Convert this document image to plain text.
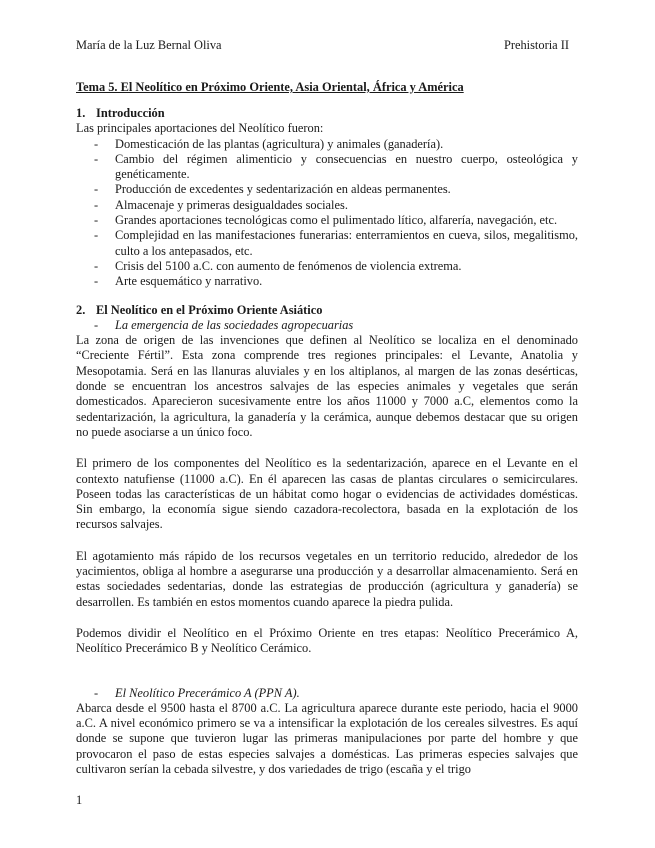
María de la Luz Bernal Oliva	Prehistoria II
Tema 5. El Neolítico en Próximo Oriente, Asia Oriental, África y América
1. Introducción

Las principales aportaciones del Neolítico fueron:

- Domesticación de las plantas (agricultura) y animales (ganadería).
- Cambio del régimen alimenticio y consecuencias en nuestro cuerpo, osteológica y genéticamente.
- Producción de excedentes y sedentarización en aldeas permanentes.
- Almacenaje y primeras desigualdades sociales.
- Grandes aportaciones tecnológicas como el pulimentado lítico, alfarería, navegación, etc.
- Complejidad en las manifestaciones funerarias: enterramientos en cueva, silos, megalitismo, culto a los antepasados, etc.
- Crisis del 5100 a.C. con aumento de fenómenos de violencia extrema.
- Arte esquemático y narrativo.
2. El Neolítico en el Próximo Oriente Asiático
- La emergencia de las sociedades agropecuarias

La zona de origen de las invenciones que definen al Neolítico se localiza en el denominado “Creciente Fértil”. Esta zona comprende tres regiones principales: el Levante, Anatolia y Mesopotamia. Será en las llanuras aluviales y en los altiplanos, al margen de las zonas desérticas, donde se encuentran los ancestros salvajes de las especies animales y vegetales que serán domesticados. Aparecieron sucesivamente entre los años 11000 y 7000 a.C, elementos como la sedentarización, la agricultura, la ganadería y la cerámica, aunque debemos destacar que su origen no puede asociarse a un único foco.

El primero de los componentes del Neolítico es la sedentarización, aparece en el Levante en el contexto natufiense (11000 a.C). En él aparecen las casas de plantas circulares o semicirculares. Poseen todas las características de un hábitat como hogar o evidencias de actividades domésticas. Sin embargo, la economía sigue siendo cazadora-recolectora, basada en la explotación de los recursos salvajes.

El agotamiento más rápido de los recursos vegetales en un territorio reducido, alrededor de los yacimientos, obliga al hombre a asegurarse una producción y a desarrollar almacenamiento. Será en estas sociedades sedentarias, donde las estrategias de producción (agricultura y ganadería) se desarrollen. Es también en estos momentos cuando aparece la piedra pulida.

Podemos dividir el Neolítico en el Próximo Oriente en tres etapas: Neolítico Precerámico A, Neolítico Precerámico B y Neolítico Cerámico.

- El Neolítico Precerámico A (PPN A).

Abarca desde el 9500 hasta el 8700 a.C. La agricultura aparece durante este periodo, hacia el 9000 a.C. A nivel económico primero se va a intensificar la explotación de los cereales silvestres. Es aquí donde se supone que tuvieron lugar las primeras manipulaciones por parte del hombre y que provocaron el paso de estas especies salvajes a domésticas. Las primeras especies salvajes que cultivaron serían la cebada silvestre, y dos variedades de trigo (escaña y el trigo

1
